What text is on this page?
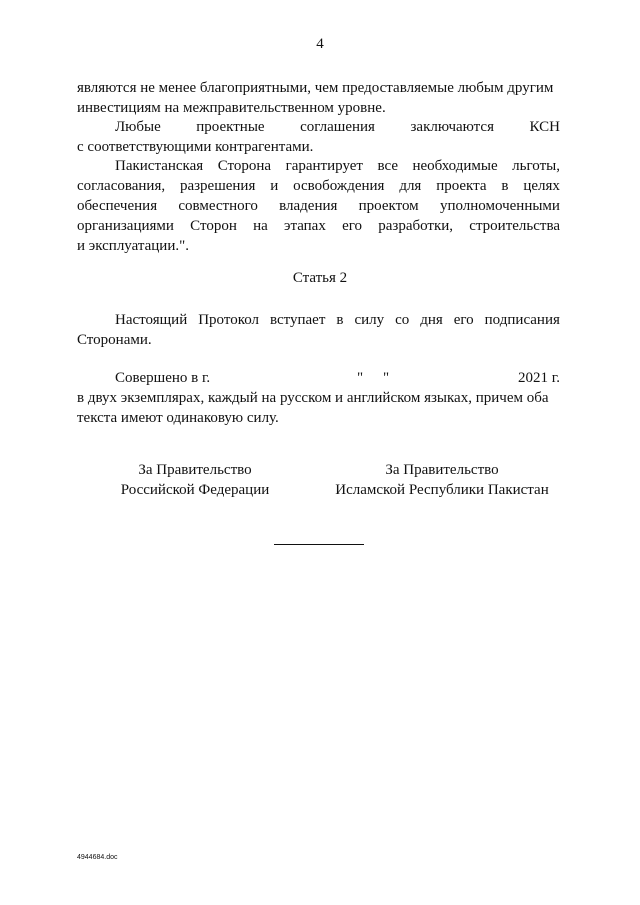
4
являются не менее благоприятными, чем предоставляемые любым другим
инвестициям на межправительственном уровне.
Любые проектные соглашения заключаются КСН
с соответствующими контрагентами.
Пакистанская Сторона гарантирует все необходимые льготы,
согласования, разрешения и освобождения для проекта в целях
обеспечения совместного владения проектом уполномоченными
организациями Сторон на этапах его разработки, строительства
и эксплуатации.".
Статья 2
Настоящий Протокол вступает в силу со дня его подписания
Сторонами.
Совершено в г.	" "	2021 г.
в двух экземплярах, каждый на русском и английском языках, причем оба
текста имеют одинаковую силу.
За Правительство
Российской Федерации
За Правительство
Исламской Республики Пакистан
4944684.doc
